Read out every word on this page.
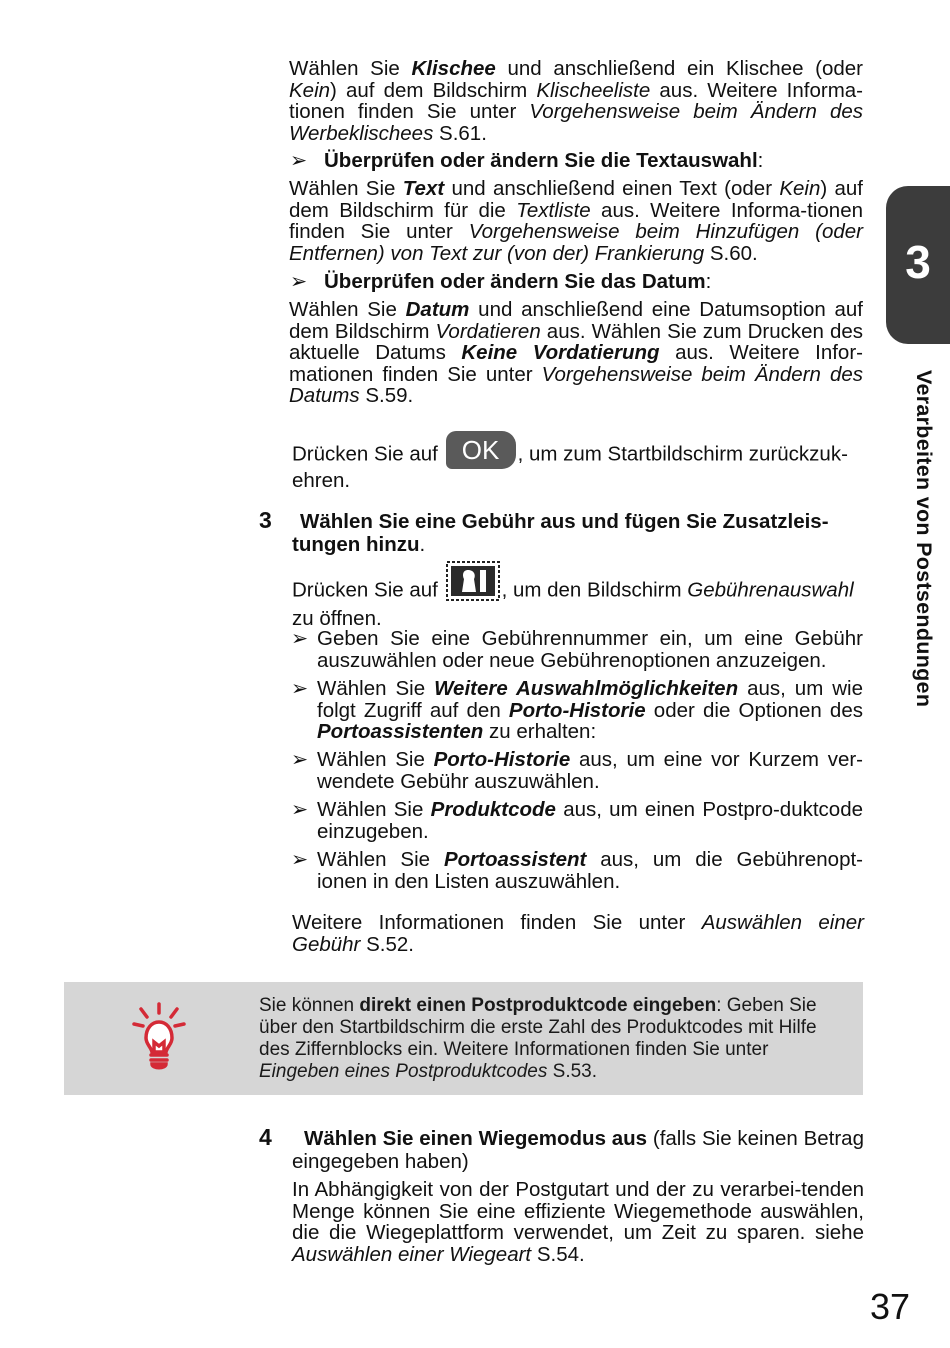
3
Verarbeiten von Postsendungen
Wählen Sie Klischee und anschließend ein Klischee (oder Kein) auf dem Bildschirm Klischeeliste aus. Weitere Informa-tionen finden Sie unter Vorgehensweise beim Ändern des Werbeklischees S.61.
➢ Überprüfen oder ändern Sie die Textauswahl:
Wählen Sie Text und anschließend einen Text (oder Kein) auf dem Bildschirm für die Textliste aus. Weitere Informa-tionen finden Sie unter Vorgehensweise beim Hinzufügen (oder Entfernen) von Text zur (von der) Frankierung S.60.
➢ Überprüfen oder ändern Sie das Datum:
Wählen Sie Datum und anschließend eine Datumsoption auf dem Bildschirm Vordatieren aus. Wählen Sie zum Drucken des aktuelle Datums Keine Vordatierung aus. Weitere Infor-mationen finden Sie unter Vorgehensweise beim Ändern des Datums S.59.
Drücken Sie auf OK , um zum Startbildschirm zurückzuk-ehren.
3	Wählen Sie eine Gebühr aus und fügen Sie Zusatzleis-tungen hinzu.
Drücken Sie auf	, um den Bildschirm Gebührenauswahl zu öffnen.
➢ Geben Sie eine Gebührennummer ein, um eine Gebühr auszuwählen oder neue Gebührenoptionen anzuzeigen.
➢ Wählen Sie Weitere Auswahlmöglichkeiten aus, um wie folgt Zugriff auf den Porto-Historie oder die Optionen des Portoassistenten zu erhalten:
➢ Wählen Sie Porto-Historie aus, um eine vor Kurzem ver-wendete Gebühr auszuwählen.
➢ Wählen Sie Produktcode aus, um einen Postpro-duktcode einzugeben.
➢ Wählen Sie Portoassistent aus, um die Gebührenopt-ionen in den Listen auszuwählen.
Weitere Informationen finden Sie unter Auswählen einer Gebühr S.52.
Sie können direkt einen Postproduktcode eingeben: Geben Sie über den Startbildschirm die erste Zahl des Produktcodes mit Hilfe des Ziffernblocks ein. Weitere Informationen finden Sie unter Eingeben eines Postproduktcodes S.53.
4	Wählen Sie einen Wiegemodus aus (falls Sie keinen Betrag eingegeben haben)
In Abhängigkeit von der Postgutart und der zu verarbei-tenden Menge können Sie eine effiziente Wiegemethode auswählen, die die Wiegeplattform verwendet, um Zeit zu sparen. siehe Auswählen einer Wiegeart S.54.
37
